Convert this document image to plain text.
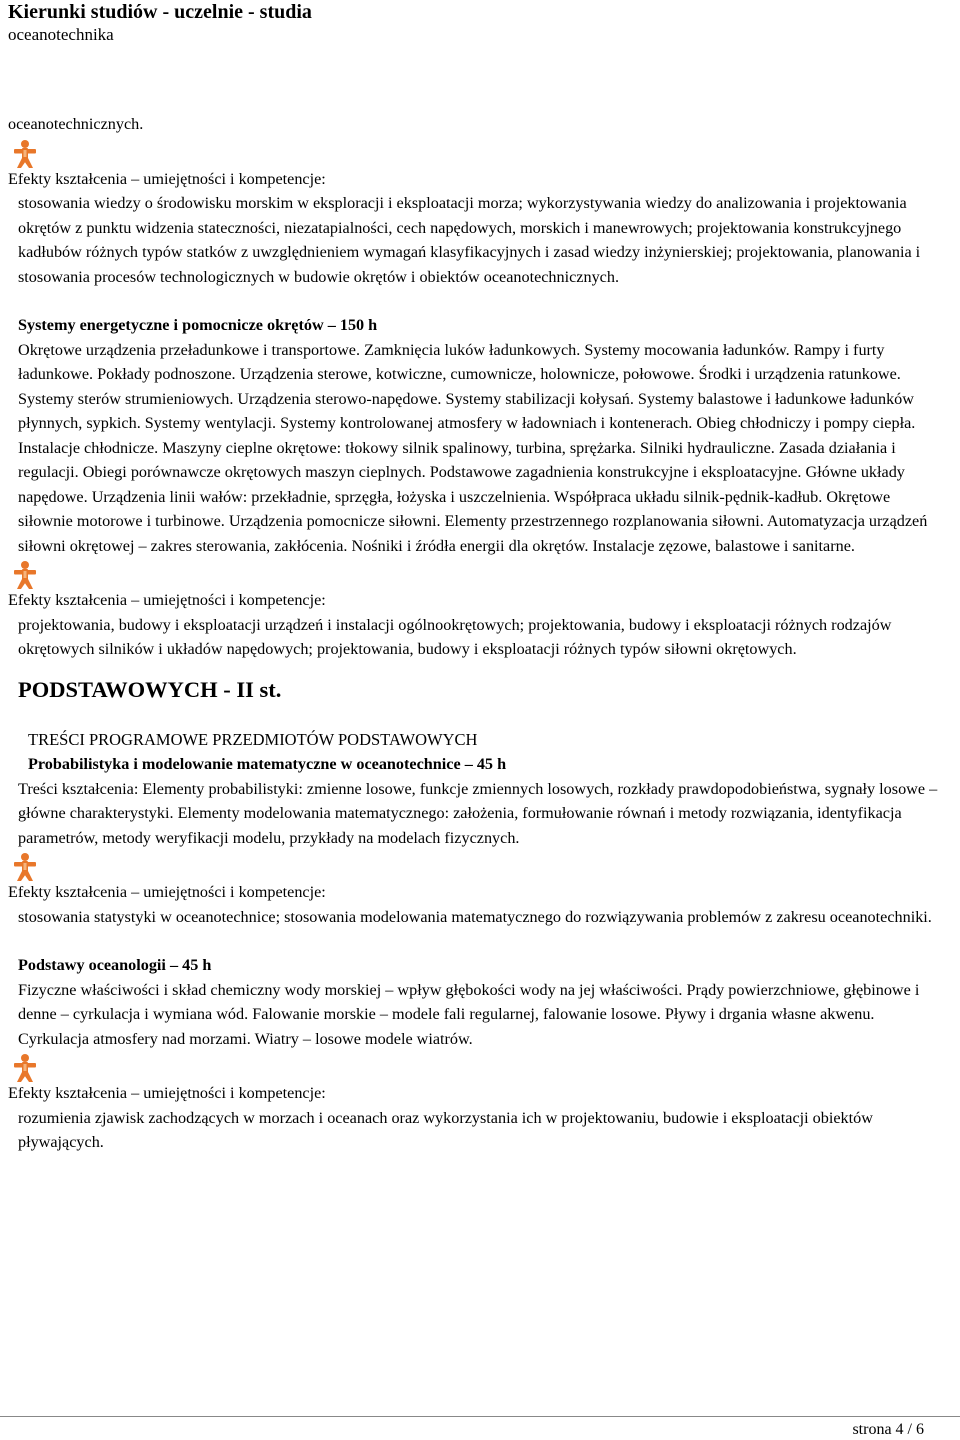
Kierunki studiów - uczelnie - studia
oceanotechnika

oceanotechnicznych.

Efekty kształcenia – umiejętności i kompetencje:

stosowania wiedzy o środowisku morskim w eksploracji i eksploatacji morza; wykorzystywania wiedzy do analizowania i projektowania okrętów z punktu widzenia stateczności, niezatapialności, cech napędowych, morskich i manewrowych; projektowania konstrukcyjnego kadłubów różnych typów statków z uwzględnieniem wymagań klasyfikacyjnych i zasad wiedzy inżynierskiej; projektowania, planowania i stosowania procesów technologicznych w budowie okrętów i obiektów oceanotechnicznych.

Systemy energetyczne i pomocnicze okrętów – 150 h

Okrętowe urządzenia przeładunkowe i transportowe. Zamknięcia luków ładunkowych. Systemy mocowania ładunków. Rampy i furty ładunkowe. Pokłady podnoszone. Urządzenia sterowe, kotwiczne, cumownicze, holownicze, połowowe. Środki i urządzenia ratunkowe. Systemy sterów strumieniowych. Urządzenia sterowo-napędowe. Systemy stabilizacji kołysań. Systemy balastowe i ładunkowe ładunków płynnych, sypkich. Systemy wentylacji. Systemy kontrolowanej atmosfery w ładowniach i kontenerach. Obieg chłodniczy i pompy ciepła. Instalacje chłodnicze. Maszyny cieplne okrętowe: tłokowy silnik spalinowy, turbina, sprężarka. Silniki hydrauliczne. Zasada działania i regulacji. Obiegi porównawcze okrętowych maszyn cieplnych. Podstawowe zagadnienia konstrukcyjne i eksploatacyjne. Główne układy napędowe. Urządzenia linii wałów: przekładnie, sprzęgła, łożyska i uszczelnienia. Współpraca układu silnik-pędnik-kadłub. Okrętowe siłownie motorowe i turbinowe. Urządzenia pomocnicze siłowni. Elementy przestrzennego rozplanowania siłowni. Automatyzacja urządzeń siłowni okrętowej – zakres sterowania, zakłócenia. Nośniki i źródła energii dla okrętów. Instalacje zęzowe, balastowe i sanitarne.

Efekty kształcenia – umiejętności i kompetencje:

projektowania, budowy i eksploatacji urządzeń i instalacji ogólnookrętowych; projektowania, budowy i eksploatacji różnych rodzajów okrętowych silników i układów napędowych; projektowania, budowy i eksploatacji różnych typów siłowni okrętowych.

PODSTAWOWYCH - II st.

TREŚCI PROGRAMOWE PRZEDMIOTÓW PODSTAWOWYCH

Probabilistyka i modelowanie matematyczne w oceanotechnice – 45 h

Treści kształcenia: Elementy probabilistyki: zmienne losowe, funkcje zmiennych losowych, rozkłady prawdopodobieństwa, sygnały losowe – główne charakterystyki. Elementy modelowania matematycznego: założenia, formułowanie równań i metody rozwiązania, identyfikacja parametrów, metody weryfikacji modelu, przykłady na modelach fizycznych.

Efekty kształcenia – umiejętności i kompetencje:

stosowania statystyki w oceanotechnice; stosowania modelowania matematycznego do rozwiązywania problemów z zakresu oceanotechniki.

Podstawy oceanologii – 45 h

Fizyczne właściwości i skład chemiczny wody morskiej – wpływ głębokości wody na jej właściwości. Prądy powierzchniowe, głębinowe i denne – cyrkulacja i wymiana wód. Falowanie morskie – modele fali regularnej, falowanie losowe. Pływy i drgania własne akwenu. Cyrkulacja atmosfery nad morzami. Wiatry – losowe modele wiatrów.

Efekty kształcenia – umiejętności i kompetencje:

rozumienia zjawisk zachodzących w morzach i oceanach oraz wykorzystania ich w projektowaniu, budowie i eksploatacji obiektów pływających.

strona 4 / 6
